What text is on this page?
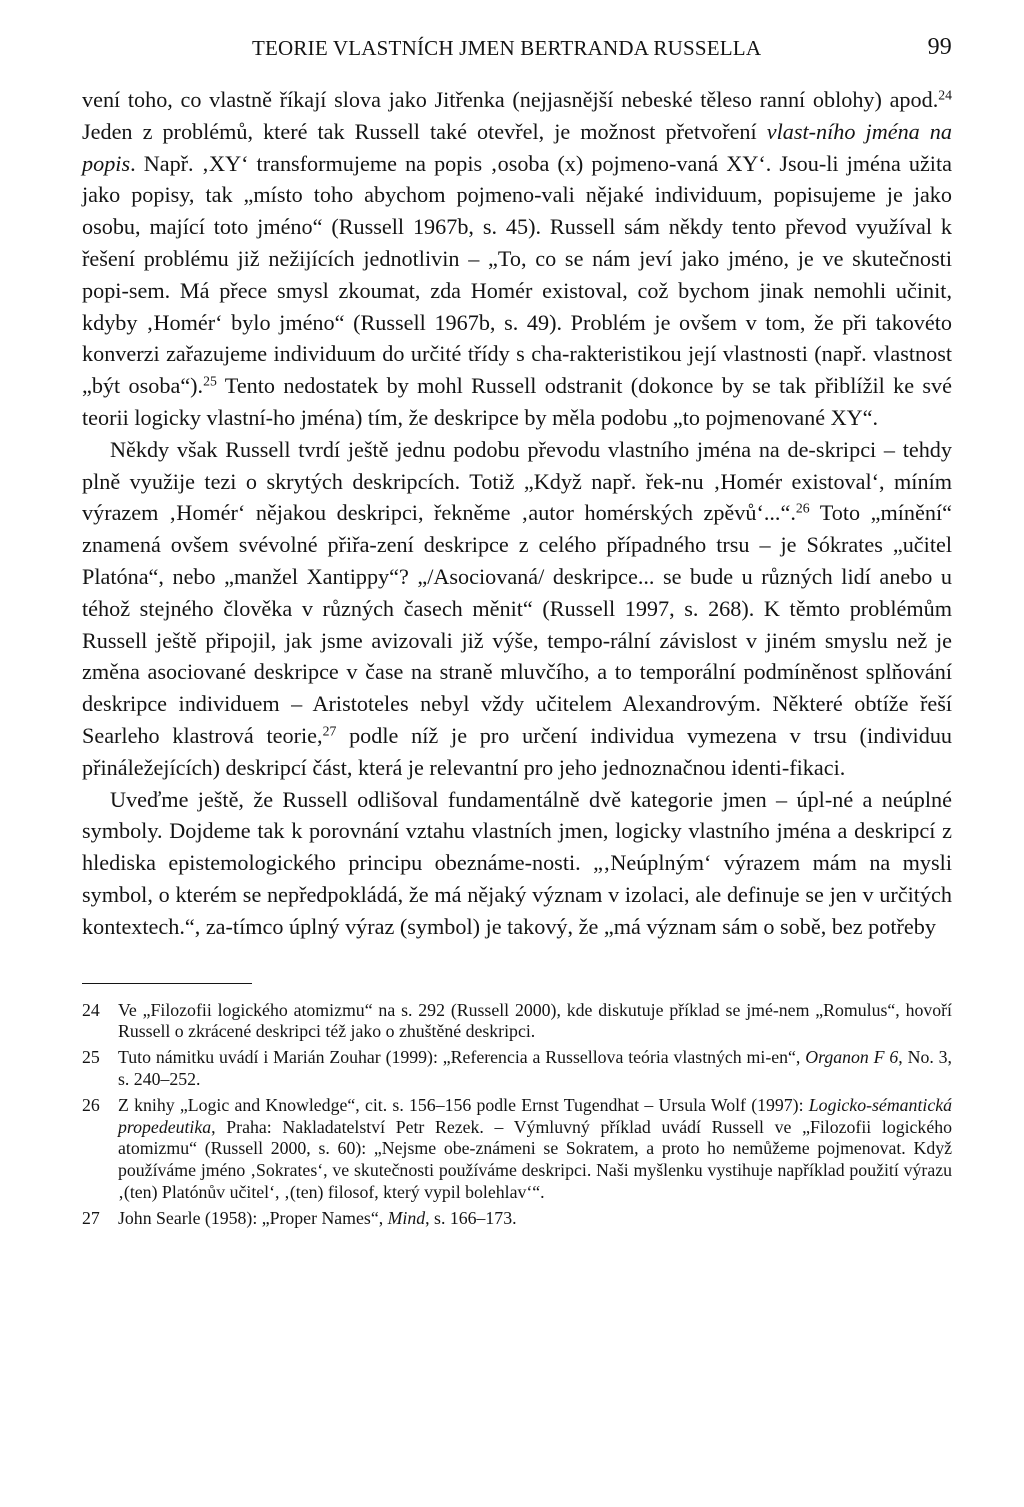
TEORIE VLASTNÍCH JMEN BERTRANDA RUSSELLA	99

vení toho, co vlastně říkají slova jako Jitřenka (nejjasnější nebeské těleso ranní oblohy) apod.$^{24}$ Jeden z problémů, které tak Russell také otevřel, je možnost přetvoření vlast-ního jména na popis. Např. ‚XY‘ transformujeme na popis ‚osoba (x) pojmeno-vaná XY‘. Jsou-li jména užita jako popisy, tak „místo toho abychom pojmeno-vali nějaké individuum, popisujeme je jako osobu, mající toto jméno“ (Russell 1967b, s. 45). Russell sám někdy tento převod využíval k řešení problému již nežijících jednotlivin – „To, co se nám jeví jako jméno, je ve skutečnosti popi-sem. Má přece smysl zkoumat, zda Homér existoval, což bychom jinak nemohli učinit, kdyby ‚Homér‘ bylo jméno“ (Russell 1967b, s. 49). Problém je ovšem v tom, že při takovéto konverzi zařazujeme individuum do určité třídy s cha-rakteristikou její vlastnosti (např. vlastnost „být osoba“).$^{25}$ Tento nedostatek by mohl Russell odstranit (dokonce by se tak přiblížil ke své teorii logicky vlastní-ho jména) tím, že deskripce by měla podobu „to pojmenované XY“.

Někdy však Russell tvrdí ještě jednu podobu převodu vlastního jména na de-skripci – tehdy plně využije tezi o skrytých deskripcích. Totiž „Když např. řek-nu ‚Homér existoval‘, míním výrazem ‚Homér‘ nějakou deskripci, řekněme ‚autor homérských zpěvů‘...“.$^{26}$ Toto „mínění“ znamená ovšem svévolné přiřa-zení deskripce z celého případného trsu – je Sókrates „učitel Platóna“, nebo „manžel Xantippy“? „/Asociovaná/ deskripce... se bude u různých lidí anebo u téhož stejného člověka v různých časech měnit“ (Russell 1997, s. 268). K těmto problémům Russell ještě připojil, jak jsme avizovali již výše, tempo-rální závislost v jiném smyslu než je změna asociované deskripce v čase na straně mluvčího, a to temporální podmíněnost splňování deskripce individuem – Aristoteles nebyl vždy učitelem Alexandrovým. Některé obtíže řeší Searleho klastrová teorie,$^{27}$ podle níž je pro určení individua vymezena v trsu (individuu přináležejících) deskripcí část, která je relevantní pro jeho jednoznačnou identi-fikaci.

Uveďme ještě, že Russell odlišoval fundamentálně dvě kategorie jmen – úpl-né a neúplné symboly. Dojdeme tak k porovnání vztahu vlastních jmen, logicky vlastního jména a deskripcí z hlediska epistemologického principu obeznáme-nosti. „‚Neúplným‘ výrazem mám na mysli symbol, o kterém se nepředpokládá, že má nějaký význam v izolaci, ale definuje se jen v určitých kontextech.“, za-tímco úplný výraz (symbol) je takový, že „má význam sám o sobě, bez potřeby

24 Ve „Filozofii logického atomizmu“ na s. 292 (Russell 2000), kde diskutuje příklad se jmé-nem „Romulus“, hovoří Russell o zkrácené deskripci též jako o zhuštěné deskripci.
25 Tuto námitku uvádí i Marián Zouhar (1999): „Referencia a Russellova teória vlastných mi-en“, Organon F 6, No. 3, s. 240–252.
26 Z knihy „Logic and Knowledge“, cit. s. 156–156 podle Ernst Tugendhat – Ursula Wolf (1997): Logicko-sémantická propedeutika, Praha: Nakladatelství Petr Rezek. – Výmluvný příklad uvádí Russell ve „Filozofii logického atomizmu“ (Russell 2000, s. 60): „Nejsme obe-známeni se Sokratem, a proto ho nemůžeme pojmenovat. Když používáme jméno ‚Sokrates‘, ve skutečnosti používáme deskripci. Naši myšlenku vystihuje například použití výrazu ‚(ten) Platónův učitel‘, ‚(ten) filosof, který vypil bolehlav‘“.
27 John Searle (1958): „Proper Names“, Mind, s. 166–173.
